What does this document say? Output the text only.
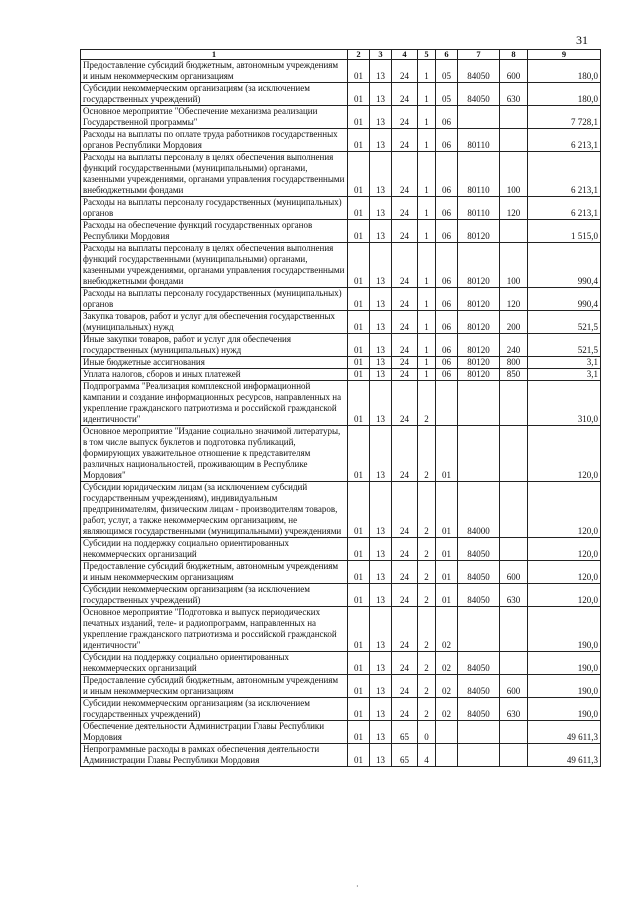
31
1	2	3	4	5	6	7	8	9
Предоставление субсидий бюджетным, автономным учреждениям и иным некоммерческим организациям	01	13	24	1	05	84050	600	180,0
Субсидии некоммерческим организациям (за исключением государственных учреждений)	01	13	24	1	05	84050	630	180,0
Основное мероприятие "Обеспечение механизма реализации Государственной программы"	01	13	24	1	06			7 728,1
Расходы на выплаты по оплате труда работников государственных органов Республики Мордовия	01	13	24	1	06	80110		6 213,1
Расходы на выплаты персоналу в целях обеспечения выполнения функций государственными (муниципальными) органами, казенными учреждениями, органами управления государственными внебюджетными фондами	01	13	24	1	06	80110	100	6 213,1
Расходы на выплаты персоналу государственных (муниципальных) органов	01	13	24	1	06	80110	120	6 213,1
Расходы на обеспечение функций государственных органов Республики Мордовия	01	13	24	1	06	80120		1 515,0
Расходы на выплаты персоналу в целях обеспечения выполнения функций государственными (муниципальными) органами, казенными учреждениями, органами управления государственными внебюджетными фондами	01	13	24	1	06	80120	100	990,4
Расходы на выплаты персоналу государственных (муниципальных) органов	01	13	24	1	06	80120	120	990,4
Закупка товаров, работ и услуг для обеспечения государственных (муниципальных) нужд	01	13	24	1	06	80120	200	521,5
Иные закупки товаров, работ и услуг для обеспечения государственных (муниципальных) нужд	01	13	24	1	06	80120	240	521,5
Иные бюджетные ассигнования	01	13	24	1	06	80120	800	3,1
Уплата налогов, сборов и иных платежей	01	13	24	1	06	80120	850	3,1
Подпрограмма "Реализация комплексной информационной кампании и создание информационных ресурсов, направленных на укрепление гражданского патриотизма и российской гражданской идентичности"	01	13	24	2				310,0
Основное мероприятие "Издание социально значимой литературы, в том числе выпуск буклетов и подготовка публикаций, формирующих уважительное отношение к представителям различных национальностей, проживающим в Республике Мордовия"	01	13	24	2	01			120,0
Субсидии юридическим лицам (за исключением субсидий государственным учреждениям), индивидуальным предпринимателям, физическим лицам - производителям товаров, работ, услуг, а также некоммерческим организациям, не являющимся государственными (муниципальными) учреждениями	01	13	24	2	01	84000		120,0
Субсидии на поддержку социально ориентированных некоммерческих организаций	01	13	24	2	01	84050		120,0
Предоставление субсидий бюджетным, автономным учреждениям и иным некоммерческим организациям	01	13	24	2	01	84050	600	120,0
Субсидии некоммерческим организациям (за исключением государственных учреждений)	01	13	24	2	01	84050	630	120,0
Основное мероприятие "Подготовка и выпуск периодических печатных изданий, теле- и радиопрограмм, направленных на укрепление гражданского патриотизма и российской гражданской идентичности"	01	13	24	2	02			190,0
Субсидии на поддержку социально ориентированных некоммерческих организаций	01	13	24	2	02	84050		190,0
Предоставление субсидий бюджетным, автономным учреждениям и иным некоммерческим организациям	01	13	24	2	02	84050	600	190,0
Субсидии некоммерческим организациям (за исключением государственных учреждений)	01	13	24	2	02	84050	630	190,0
Обеспечение деятельности Администрации Главы Республики Мордовия	01	13	65	0				49 611,3
Непрограммные расходы в рамках обеспечения деятельности Администрации Главы Республики Мордовия	01	13	65	4				49 611,3
·
